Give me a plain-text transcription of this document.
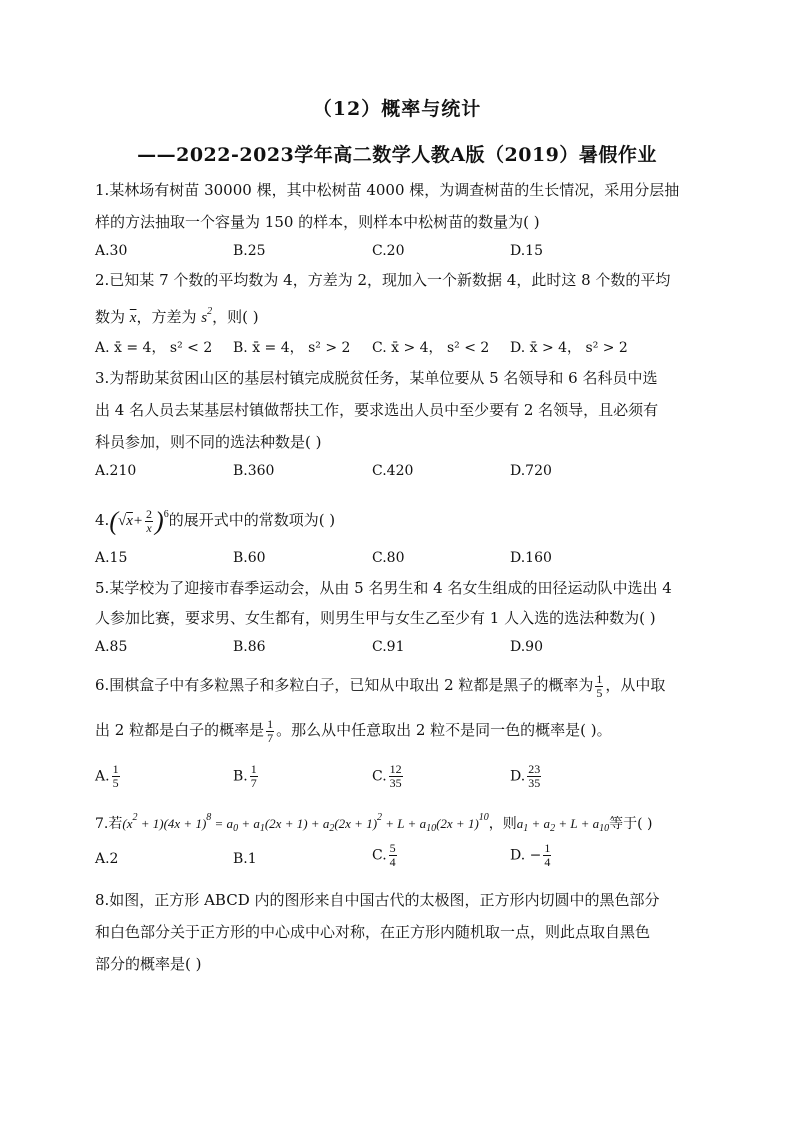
（12）概率与统计
——2022-2023学年高二数学人教A版（2019）暑假作业
1.某林场有树苗 30000 棵，其中松树苗 4000 棵，为调查树苗的生长情况，采用分层抽
样的方法抽取一个容量为 150 的样本，则样本中松树苗的数量为( )
A.30	B.25	C.20	D.15
2.已知某 7 个数的平均数为 4，方差为 2，现加入一个新数据 4，此时这 8 个数的平均
数为 $\overline{x}$，方差为 $s^2$，则( )
A. x̄ = 4， s² < 2 B. x̄ = 4， s² > 2 C. x̄ > 4， s² < 2 D. x̄ > 4， s² > 2
3.为帮助某贫困山区的基层村镇完成脱贫任务，某单位要从 5 名领导和 6 名科员中选
出 4 名人员去某基层村镇做帮扶工作，要求选出人员中至少要有 2 名领导，且必须有
科员参加，则不同的选法种数是( )
A.210	B.360	C.420	D.720
$4.(√x+ \frac{2}{x} )^6$的展开式中的常数项为( )
A.15	B.60	C.80	D.160
5.某学校为了迎接市春季运动会，从由 5 名男生和 4 名女生组成的田径运动队中选出 4
人参加比赛，要求男、女生都有，则男生甲与女生乙至少有 1 人入选的选法种数为( )
A.85	B.86	C.91	D.90
6.围棋盒子中有多粒黑子和多粒白子，已知从中取出 2 粒都是黑子的概率为 $\frac{1}{5}$ ，从中取
出 2 粒都是白子的概率是 $\frac{1}{7}$ 。那么从中任意取出 2 粒不是同一色的概率是( )。
A. $\frac{1}{5}$	B. $\frac{1}{7}$	C. $\frac{12}{35}$	D. $\frac{23}{35}$
7.若$(x^2 + 1)(4x + 1)^8 = a_0 + a_1(2x + 1) + a_2(2x + 1)^2 + L + a_{10}(2x + 1)^{10}$，则$a_1 + a_2 + L + a_{10}$等于( )
A.2	B.1	C. $\frac{5}{4}$	D. − $\frac{1}{4}$
8.如图，正方形 ABCD 内的图形来自中国古代的太极图，正方形内切圆中的黑色部分
和白色部分关于正方形的中心成中心对称，在正方形内随机取一点，则此点取自黑色
部分的概率是( )
